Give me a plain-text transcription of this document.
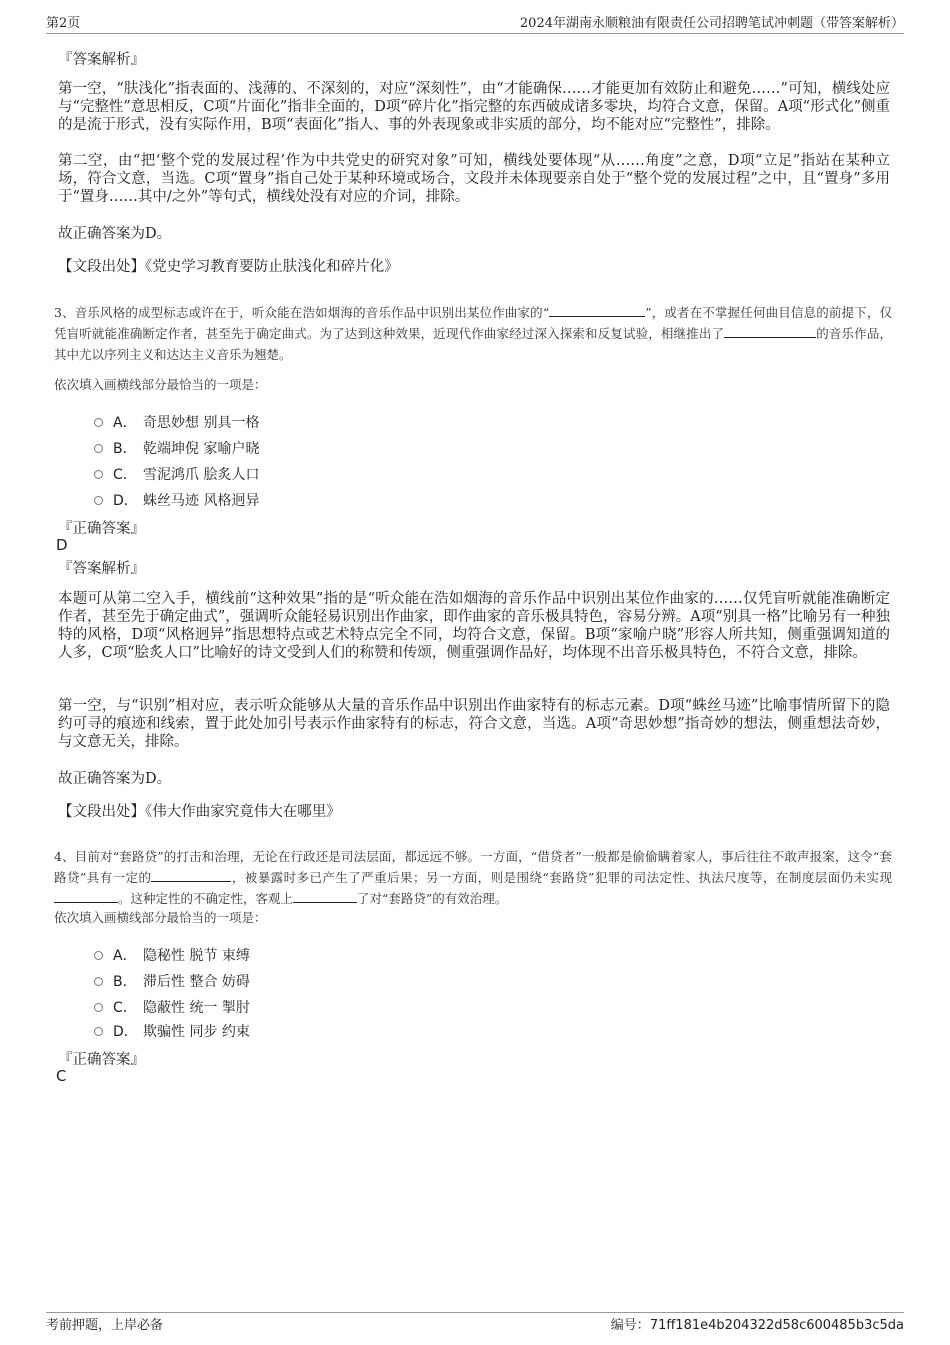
第2页	2024年湖南永顺粮油有限责任公司招聘笔试冲刺题（带答案解析）
『答案解析』
第一空，“肤浅化”指表面的、浅薄的、不深刻的，对应“深刻性”，由“才能确保……才能更加有效防止和避免……”可知，横线处应与“完整性”意思相反，C项“片面化”指非全面的，D项“碎片化”指完整的东西破成诸多零块，均符合文意，保留。A项“形式化”侧重的是流于形式，没有实际作用，B项“表面化”指人、事的外表现象或非实质的部分，均不能对应“完整性”，排除。
第二空，由“把‘整个党的发展过程’作为中共党史的研究对象”可知，横线处要体现“从……角度”之意，D项“立足”指站在某种立场，符合文意，当选。C项“置身”指自己处于某种环境或场合，文段并未体现要亲自处于“整个党的发展过程”之中，且“置身”多用于“置身……其中/之外”等句式，横线处没有对应的介词，排除。
故正确答案为D。
【文段出处】《党史学习教育要防止肤浅化和碎片化》
3、音乐风格的成型标志或许在于，听众能在浩如烟海的音乐作品中识别出某位作曲家的“	”，或者在不掌握任何曲目信息的前提下，仅凭盲听就能准确断定作者，甚至先于确定曲式。为了达到这种效果，近现代作曲家经过深入探索和反复试验，相继推出了	的音乐作品，其中尤以序列主义和达达主义音乐为翘楚。
依次填入画横线部分最恰当的一项是：
A． 奇思妙想 别具一格
B． 乾端坤倪 家喻户晓
C． 雪泥鸿爪 脍炙人口
D． 蛛丝马迹 风格迥异
『正确答案』
D
『答案解析』
本题可从第二空入手，横线前“这种效果”指的是“听众能在浩如烟海的音乐作品中识别出某位作曲家的……仅凭盲听就能准确断定作者，甚至先于确定曲式”，强调听众能轻易识别出作曲家，即作曲家的音乐极具特色，容易分辨。A项“别具一格”比喻另有一种独特的风格，D项“风格迥异”指思想特点或艺术特点完全不同，均符合文意，保留。B项“家喻户晓”形容人所共知，侧重强调知道的人多，C项“脍炙人口”比喻好的诗文受到人们的称赞和传颂，侧重强调作品好，均体现不出音乐极具特色，不符合文意，排除。
第一空，与“识别”相对应，表示听众能够从大量的音乐作品中识别出作曲家特有的标志元素。D项“蛛丝马迹”比喻事情所留下的隐约可寻的痕迹和线索，置于此处加引号表示作曲家特有的标志，符合文意，当选。A项“奇思妙想”指奇妙的想法，侧重想法奇妙，与文意无关，排除。
故正确答案为D。
【文段出处】《伟大作曲家究竟伟大在哪里》
4、目前对“套路贷”的打击和治理，无论在行政还是司法层面，都远远不够。一方面，“借贷者”一般都是偷偷瞒着家人，事后往往不敢声报案，这令“套路贷”具有一定的	，被暴露时多已产生了严重后果；另一方面，则是围绕“套路贷”犯罪的司法定性、执法尺度等，在制度层面仍未实现。这种定性的不确定性，客观上	了对“套路贷”的有效治理。
依次填入画横线部分最恰当的一项是：
A． 隐秘性 脱节 束缚
B． 滞后性 整合 妨碍
C． 隐蔽性 统一 掣肘
D． 欺骗性 同步 约束
『正确答案』
C
考前押题，上岸必备	编号：71ff181e4b204322d58c600485b3c5da
